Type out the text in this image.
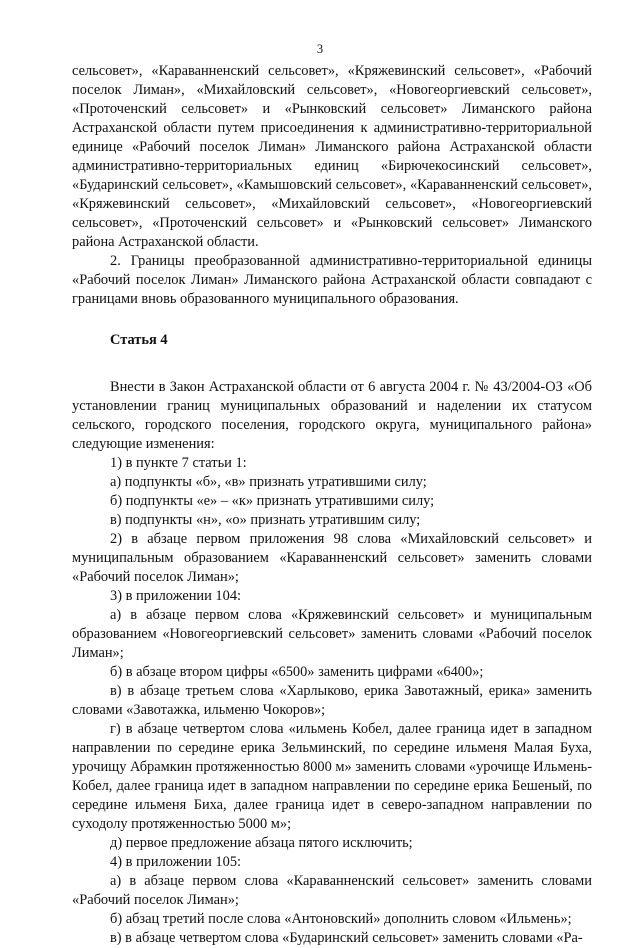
3

сельсовет», «Караванненский сельсовет», «Кряжевинский сельсовет», «Рабочий поселок Лиман», «Михайловский сельсовет», «Новогеоргиевский сельсовет», «Проточенский сельсовет» и «Рынковский сельсовет» Лиманского района Астраханской области путем присоединения к административно-территориальной единице «Рабочий поселок Лиман» Лиманского района Астраханской области административно-территориальных единиц «Бирючекосинский сельсовет», «Бударинский сельсовет», «Камышовский сельсовет», «Караванненский сельсовет», «Кряжевинский сельсовет», «Михайловский сельсовет», «Новогеоргиевский сельсовет», «Проточенский сельсовет» и «Рынковский сельсовет» Лиманского района Астраханской области.

2. Границы преобразованной административно-территориальной единицы «Рабочий поселок Лиман» Лиманского района Астраханской области совпадают с границами вновь образованного муниципального образования.

Статья 4

Внести в Закон Астраханской области от 6 августа 2004 г. № 43/2004-ОЗ «Об установлении границ муниципальных образований и наделении их статусом сельского, городского поселения, городского округа, муниципального района» следующие изменения:

1) в пункте 7 статьи 1:

а) подпункты «б», «в» признать утратившими силу;

б) подпункты «е» – «к» признать утратившими силу;

в) подпункты «н», «о» признать утратившим силу;

2) в абзаце первом приложения 98 слова «Михайловский сельсовет» и муниципальным образованием «Караванненский сельсовет» заменить словами «Рабочий поселок Лиман»;

3) в приложении 104:

а) в абзаце первом слова «Кряжевинский сельсовет» и муниципальным образованием «Новогеоргиевский сельсовет» заменить словами «Рабочий поселок Лиман»;

б) в абзаце втором цифры «6500» заменить цифрами «6400»;

в) в абзаце третьем слова «Харлыково, ерика Завотажный, ерика» заменить словами «Завотажка, ильменю Чокоров»;

г) в абзаце четвертом слова «ильмень Кобел, далее граница идет в западном направлении по середине ерика Зельминский, по середине ильменя Малая Буха, урочищу Абрамкин протяженностью 8000 м» заменить словами «урочище Ильмень-Кобел, далее граница идет в западном направлении по середине ерика Бешеный, по середине ильменя Биха, далее граница идет в северо-западном направлении по суходолу протяженностью 5000 м»;

д) первое предложение абзаца пятого исключить;

4) в приложении 105:

а) в абзаце первом слова «Караванненский сельсовет» заменить словами «Рабочий поселок Лиман»;

б) абзац третий после слова «Антоновский» дополнить словом «Ильмень»;

в) в абзаце четвертом слова «Бударинский сельсовет» заменить словами «Ра-
